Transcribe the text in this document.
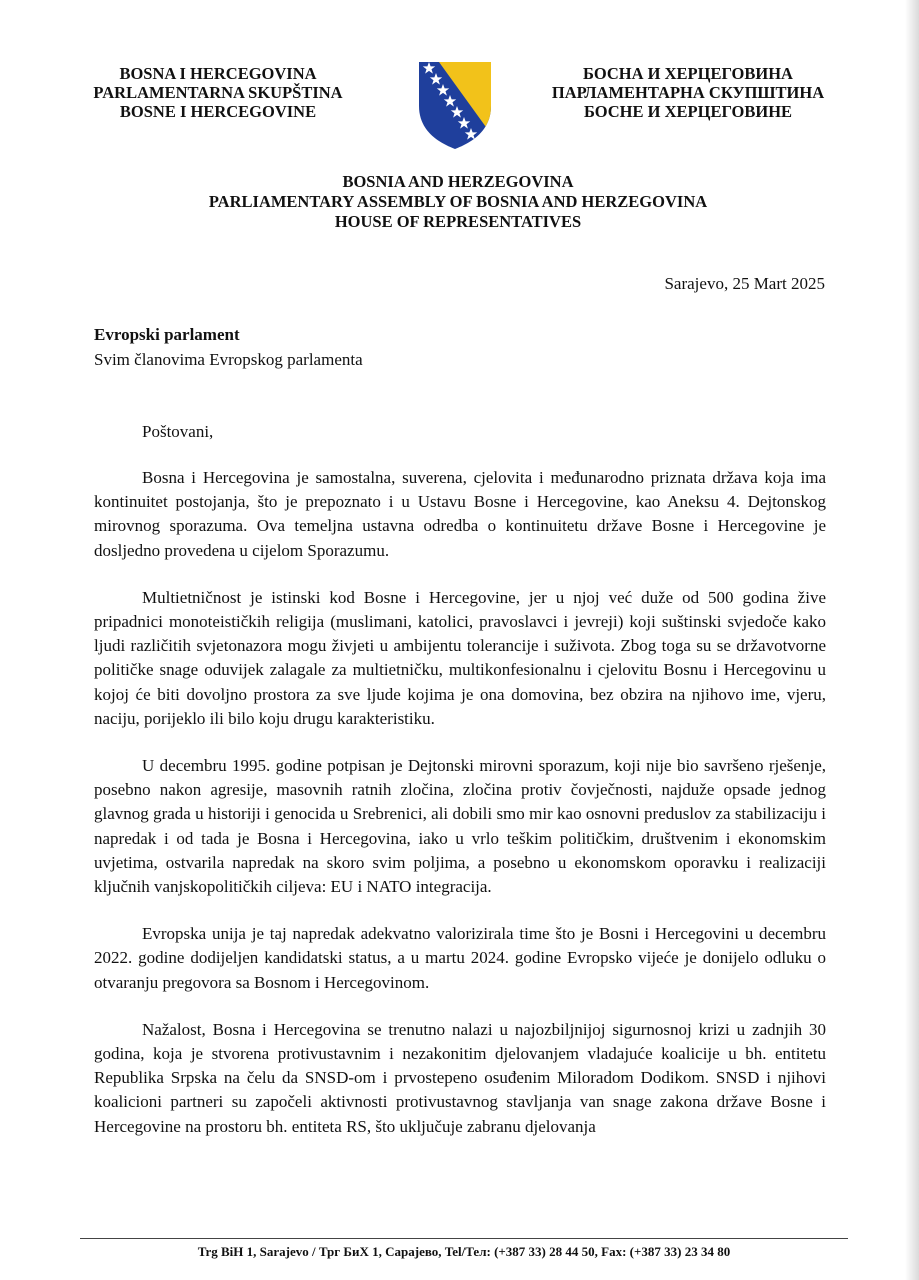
BOSNA I HERCEGOVINA
PARLAMENTARNA SKUPŠTINA
BOSNE I HERCEGOVINE
БОСНА И ХЕРЦЕГОВИНА
ПАРЛАМЕНТАРНА СКУПШТИНА
БОСНЕ И ХЕРЦЕГОВИНЕ
BOSNIA AND HERZEGOVINA
PARLIAMENTARY ASSEMBLY OF BOSNIA AND HERZEGOVINA
HOUSE OF REPRESENTATIVES
Sarajevo, 25 Mart 2025
Evropski parlament
Svim članovima Evropskog parlamenta
Poštovani,

Bosna i Hercegovina je samostalna, suverena, cjelovita i međunarodno priznata država koja ima kontinuitet postojanja, što je prepoznato i u Ustavu Bosne i Hercegovine, kao Aneksu 4. Dejtonskog mirovnog sporazuma. Ova temeljna ustavna odredba o kontinuitetu države Bosne i Hercegovine je dosljedno provedena u cijelom Sporazumu.

Multietničnost je istinski kod Bosne i Hercegovine, jer u njoj već duže od 500 godina žive pripadnici monoteističkih religija (muslimani, katolici, pravoslavci i jevreji) koji suštinski svjedoče kako ljudi različitih svjetonazora mogu živjeti u ambijentu tolerancije i suživota. Zbog toga su se državotvorne političke snage oduvijek zalagale za multietničku, multikonfesionalnu i cjelovitu Bosnu i Hercegovinu u kojoj će biti dovoljno prostora za sve ljude kojima je ona domovina, bez obzira na njihovo ime, vjeru, naciju, porijeklo ili bilo koju drugu karakteristiku.

U decembru 1995. godine potpisan je Dejtonski mirovni sporazum, koji nije bio savršeno rješenje, posebno nakon agresije, masovnih ratnih zločina, zločina protiv čovječnosti, najduže opsade jednog glavnog grada u historiji i genocida u Srebrenici, ali dobili smo mir kao osnovni preduslov za stabilizaciju i napredak i od tada je Bosna i Hercegovina, iako u vrlo teškim političkim, društvenim i ekonomskim uvjetima, ostvarila napredak na skoro svim poljima, a posebno u ekonomskom oporavku i realizaciji ključnih vanjskopolitičkih ciljeva: EU i NATO integracija.

Evropska unija je taj napredak adekvatno valorizirala time što je Bosni i Hercegovini u decembru 2022. godine dodijeljen kandidatski status, a u martu 2024. godine Evropsko vijeće je donijelo odluku o otvaranju pregovora sa Bosnom i Hercegovinom.

Nažalost, Bosna i Hercegovina se trenutno nalazi u najozbiljnijoj sigurnosnoj krizi u zadnjih 30 godina, koja je stvorena protivustavnim i nezakonitim djelovanjem vladajuće koalicije u bh. entitetu Republika Srpska na čelu da SNSD-om i prvostepeno osuđenim Miloradom Dodikom. SNSD i njihovi koalicioni partneri su započeli aktivnosti protivustavnog stavljanja van snage zakona države Bosne i Hercegovine na prostoru bh. entiteta RS, što uključuje zabranu djelovanja

Trg BiH 1, Sarajevo / Трг БиХ 1, Сарајево, Tel/Тел: (+387 33) 28 44 50, Fax: (+387 33) 23 34 80
